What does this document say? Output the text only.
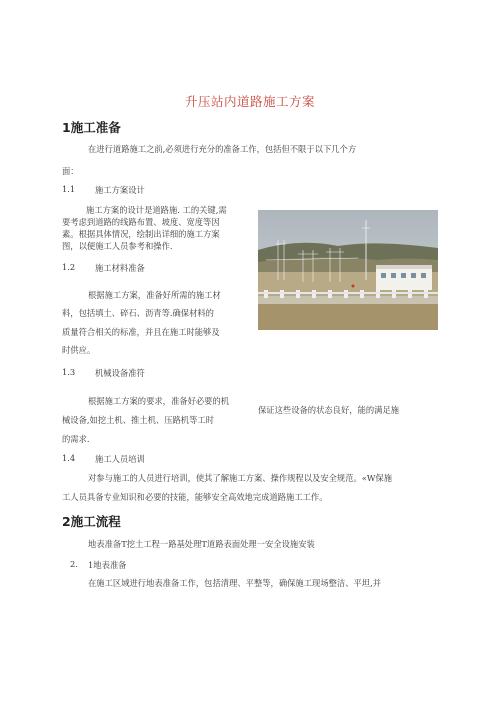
升压站内道路施工方案
1施工准备
在进行道路施工之前,必须进行充分的准备工作，包括但不限于以下几个方
面：
1.1 施工方案设计
施工方案的设计是道路施. 工的关键,需
要考虑到道路的线路布置、坡度、宽度等因
素。根据具体情况，绘制出详细的施工方案
图，以便施工人员参考和操作.
1.2 施工材料准备
根据施工方案，准备好所需的施工材
料，包括填土、碎石、沥青等.确保材料的
质量符合相关的标准，并且在施工时能够及
时供应。
1.3 机械设备准符
根据施工方案的要求，准备好必要的机
械设备,如挖土机、推土机、压路机等工时
的需求.
保证这些设备的状态良好，能的满足施
1.4 施工人员培训
对参与施工的人员进行培训，使其了解施工方案、操作规程以及安全规范。«W保施
工人员具备专业知识和必要的技能，能够安全高效地完成道路施工工作。
2施工流程
地表准备T挖土工程一路基处理T道路表面处理一安全设施安装
2. 1地表准备
在施工区域进行地表准备工作，包括清理、平整等，确保施工现场整洁、平坦,并
